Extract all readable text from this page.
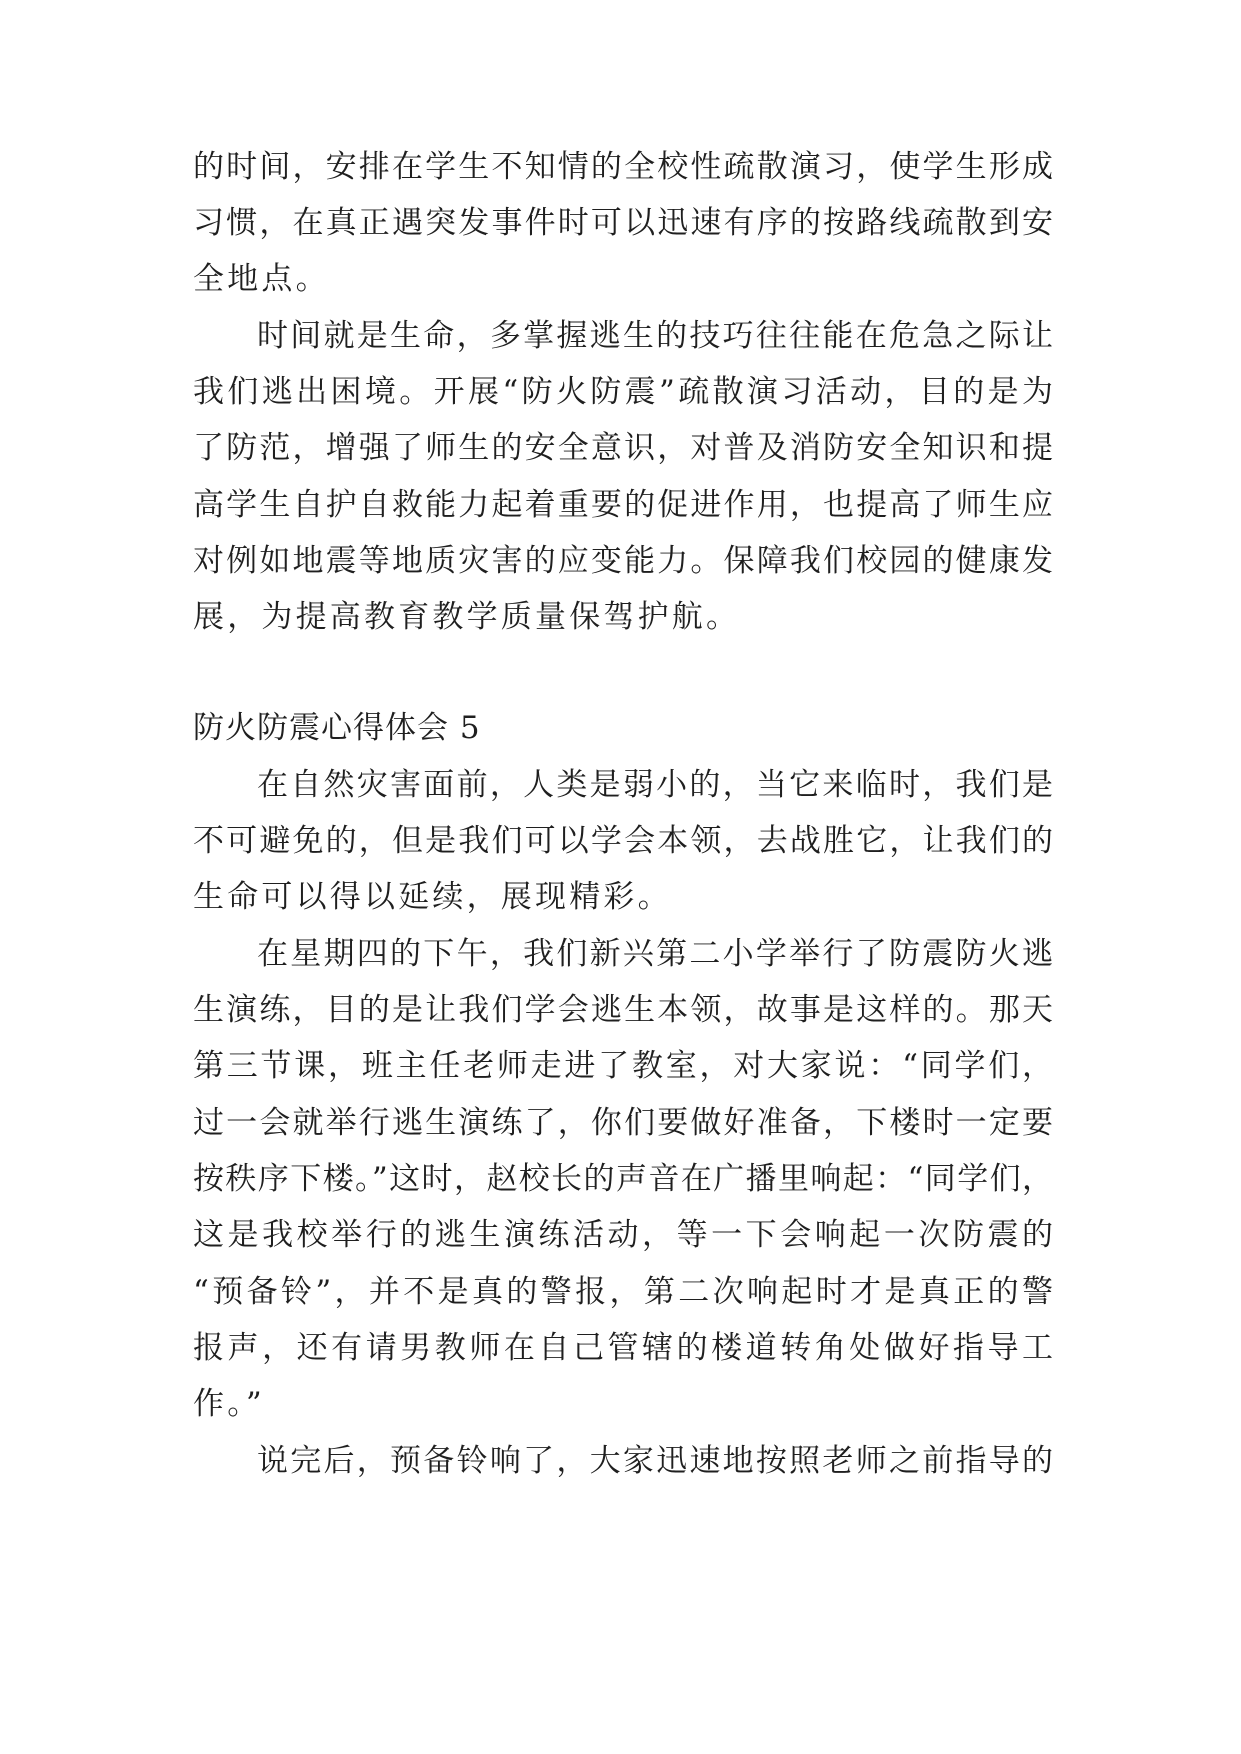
的时间，安排在学生不知情的全校性疏散演习，使学生形成
习惯，在真正遇突发事件时可以迅速有序的按路线疏散到安
全地点。
时间就是生命，多掌握逃生的技巧往往能在危急之际让
我们逃出困境。开展“防火防震”疏散演习活动，目的是为
了防范，增强了师生的安全意识，对普及消防安全知识和提
高学生自护自救能力起着重要的促进作用，也提高了师生应
对例如地震等地质灾害的应变能力。保障我们校园的健康发
展，为提高教育教学质量保驾护航。
防火防震心得体会 5
在自然灾害面前，人类是弱小的，当它来临时，我们是
不可避免的，但是我们可以学会本领，去战胜它，让我们的
生命可以得以延续，展现精彩。
在星期四的下午，我们新兴第二小学举行了防震防火逃
生演练，目的是让我们学会逃生本领，故事是这样的。那天
第三节课，班主任老师走进了教室，对大家说：“同学们，
过一会就举行逃生演练了，你们要做好准备，下楼时一定要
按秩序下楼。”这时，赵校长的声音在广播里响起：“同学们，
这是我校举行的逃生演练活动，等一下会响起一次防震的
“预备铃”，并不是真的警报，第二次响起时才是真正的警
报声，还有请男教师在自己管辖的楼道转角处做好指导工
作。”
说完后，预备铃响了，大家迅速地按照老师之前指导的
